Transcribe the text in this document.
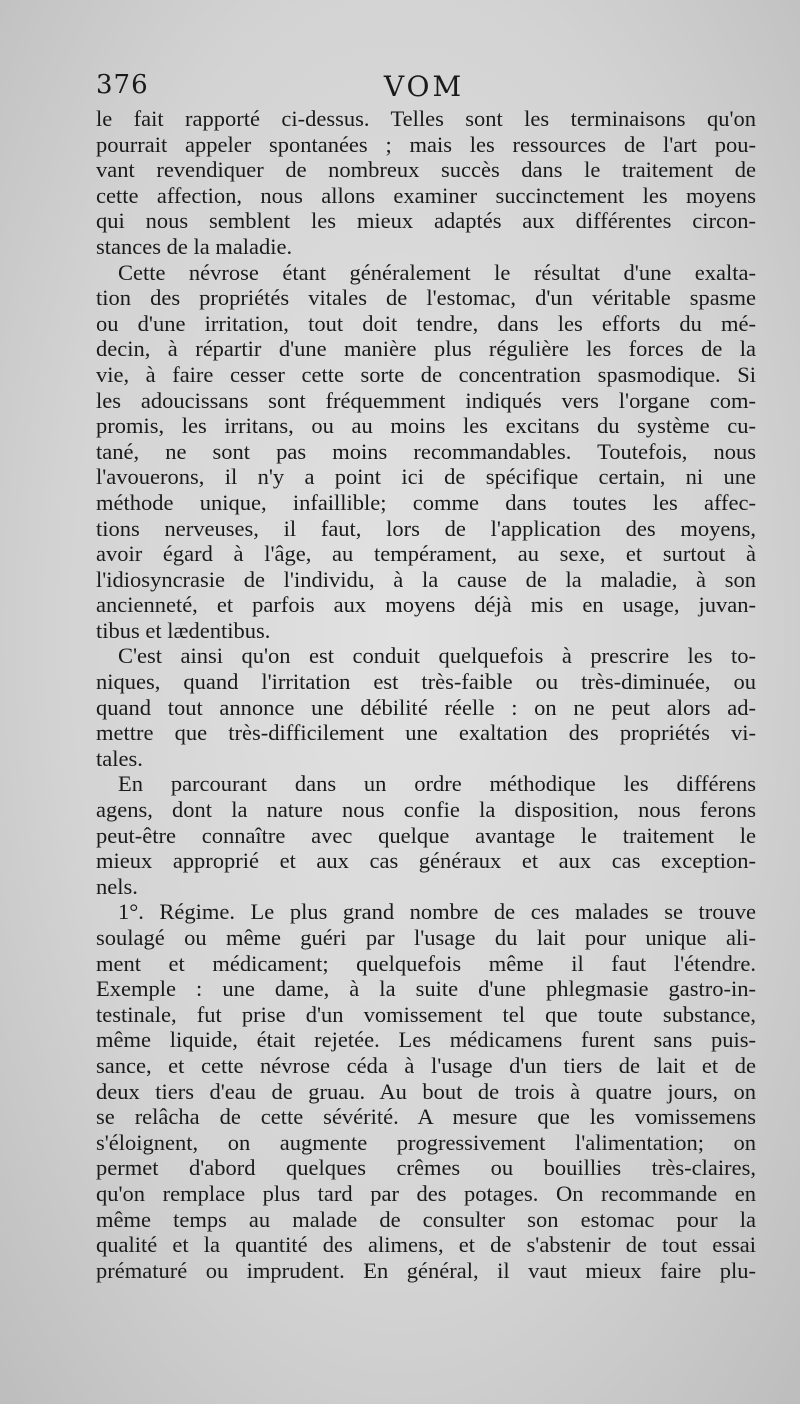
376	VOM
le fait rapporté ci-dessus. Telles sont les terminaisons qu'on
pourrait appeler spontanées ; mais les ressources de l'art pou-
vant revendiquer de nombreux succès dans le traitement de
cette affection, nous allons examiner succinctement les moyens
qui nous semblent les mieux adaptés aux différentes circon-
stances de la maladie.
Cette névrose étant généralement le résultat d'une exalta-
tion des propriétés vitales de l'estomac, d'un véritable spasme
ou d'une irritation, tout doit tendre, dans les efforts du mé-
decin, à répartir d'une manière plus régulière les forces de la
vie, à faire cesser cette sorte de concentration spasmodique. Si
les adoucissans sont fréquemment indiqués vers l'organe com-
promis, les irritans, ou au moins les excitans du système cu-
tané, ne sont pas moins recommandables. Toutefois, nous
l'avouerons, il n'y a point ici de spécifique certain, ni une
méthode unique, infaillible; comme dans toutes les affec-
tions nerveuses, il faut, lors de l'application des moyens,
avoir égard à l'âge, au tempérament, au sexe, et surtout à
l'idiosyncrasie de l'individu, à la cause de la maladie, à son
ancienneté, et parfois aux moyens déjà mis en usage, juvan-
tibus et lædentibus.
C'est ainsi qu'on est conduit quelquefois à prescrire les to-
niques, quand l'irritation est très-faible ou très-diminuée, ou
quand tout annonce une débilité réelle : on ne peut alors ad-
mettre que très-difficilement une exaltation des propriétés vi-
tales.
En parcourant dans un ordre méthodique les différens
agens, dont la nature nous confie la disposition, nous ferons
peut-être connaître avec quelque avantage le traitement le
mieux approprié et aux cas généraux et aux cas exception-
nels.
1°. Régime. Le plus grand nombre de ces malades se trouve
soulagé ou même guéri par l'usage du lait pour unique ali-
ment et médicament; quelquefois même il faut l'étendre.
Exemple : une dame, à la suite d'une phlegmasie gastro-in-
testinale, fut prise d'un vomissement tel que toute substance,
même liquide, était rejetée. Les médicamens furent sans puis-
sance, et cette névrose céda à l'usage d'un tiers de lait et de
deux tiers d'eau de gruau. Au bout de trois à quatre jours, on
se relâcha de cette sévérité. A mesure que les vomissemens
s'éloignent, on augmente progressivement l'alimentation; on
permet d'abord quelques crêmes ou bouillies très-claires,
qu'on remplace plus tard par des potages. On recommande en
même temps au malade de consulter son estomac pour la
qualité et la quantité des alimens, et de s'abstenir de tout essai
prématuré ou imprudent. En général, il vaut mieux faire plu-
